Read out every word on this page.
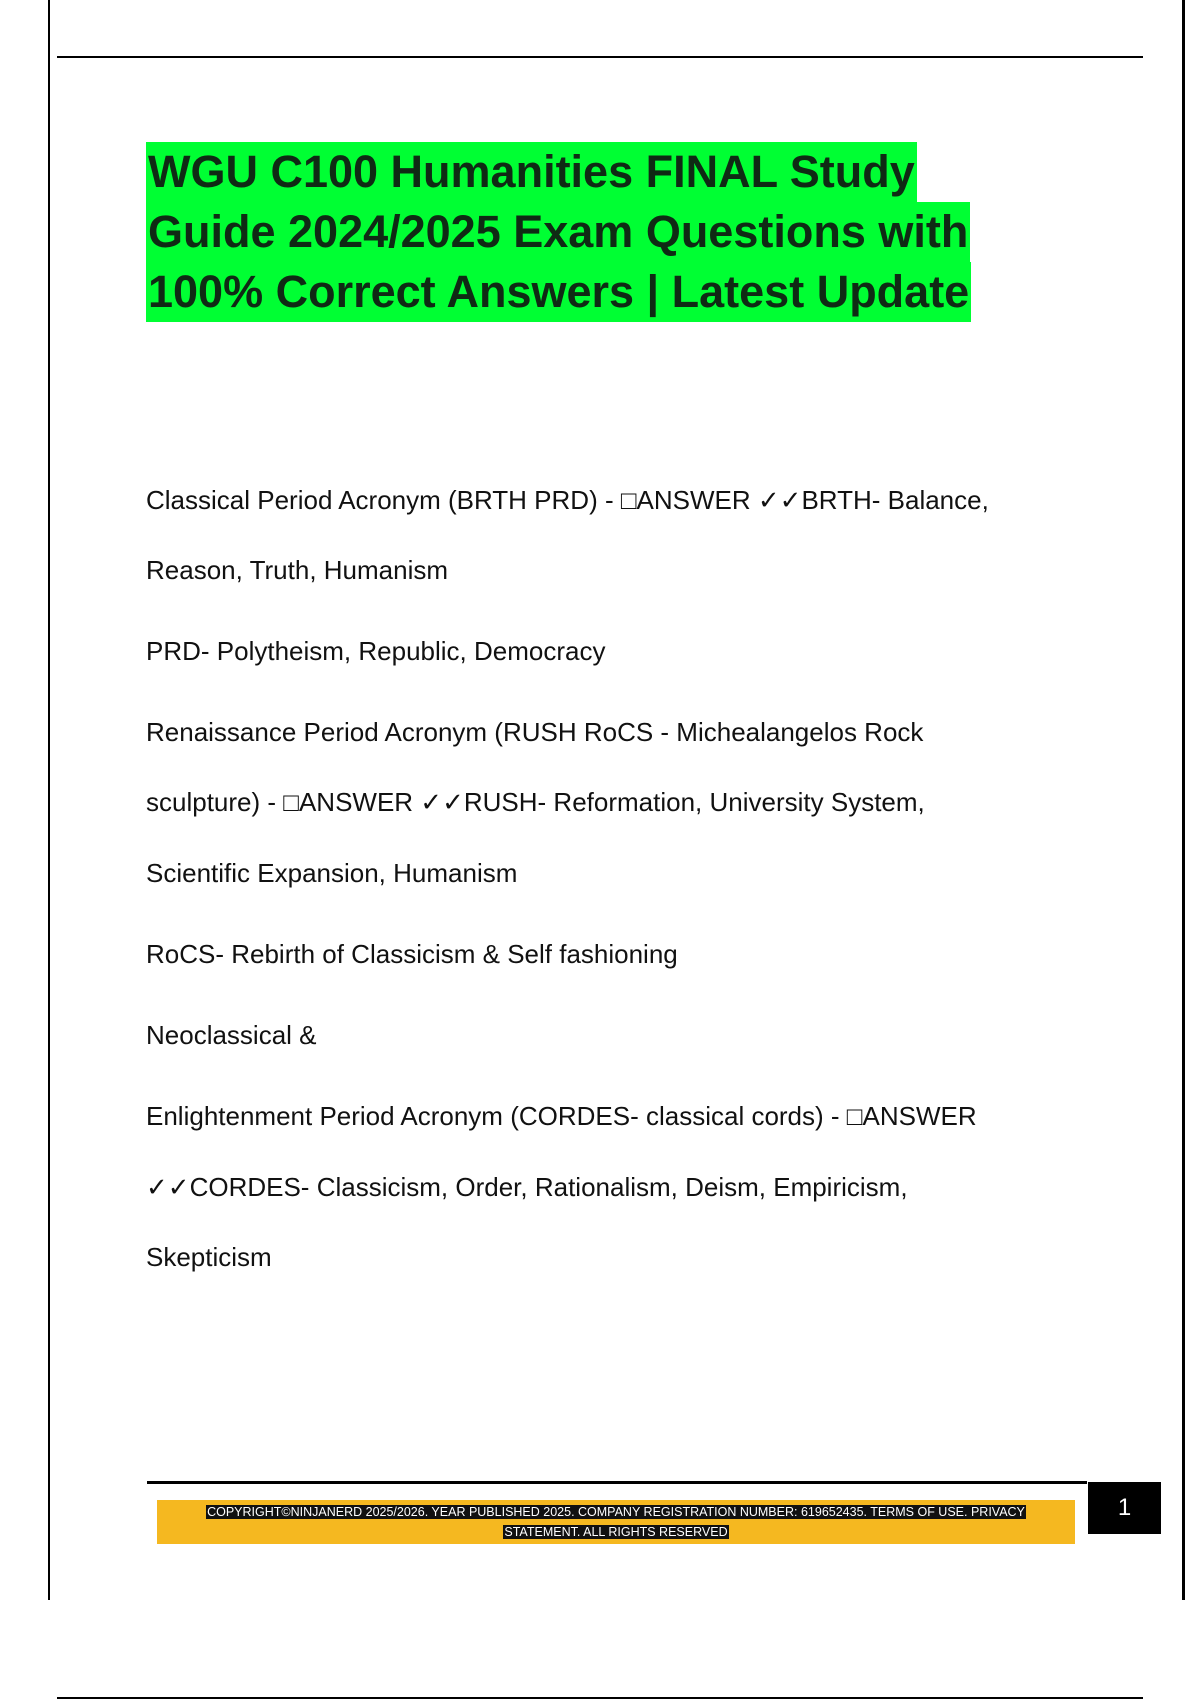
WGU C100 Humanities FINAL Study
Guide 2024/2025 Exam Questions with
100% Correct Answers | Latest Update
Classical Period Acronym (BRTH PRD) - □ANSWER ✓✓BRTH- Balance,
Reason, Truth, Humanism
PRD- Polytheism, Republic, Democracy
Renaissance Period Acronym (RUSH RoCS - Michealangelos Rock
sculpture) - □ANSWER ✓✓RUSH- Reformation, University System,
Scientific Expansion, Humanism
RoCS- Rebirth of Classicism & Self fashioning
Neoclassical &
Enlightenment Period Acronym (CORDES- classical cords) - □ANSWER
✓✓CORDES- Classicism, Order, Rationalism, Deism, Empiricism,
Skepticism
COPYRIGHT©NINJANERD 2025/2026. YEAR PUBLISHED 2025. COMPANY REGISTRATION NUMBER: 619652435. TERMS OF USE. PRIVACY
STATEMENT. ALL RIGHTS RESERVED
1
